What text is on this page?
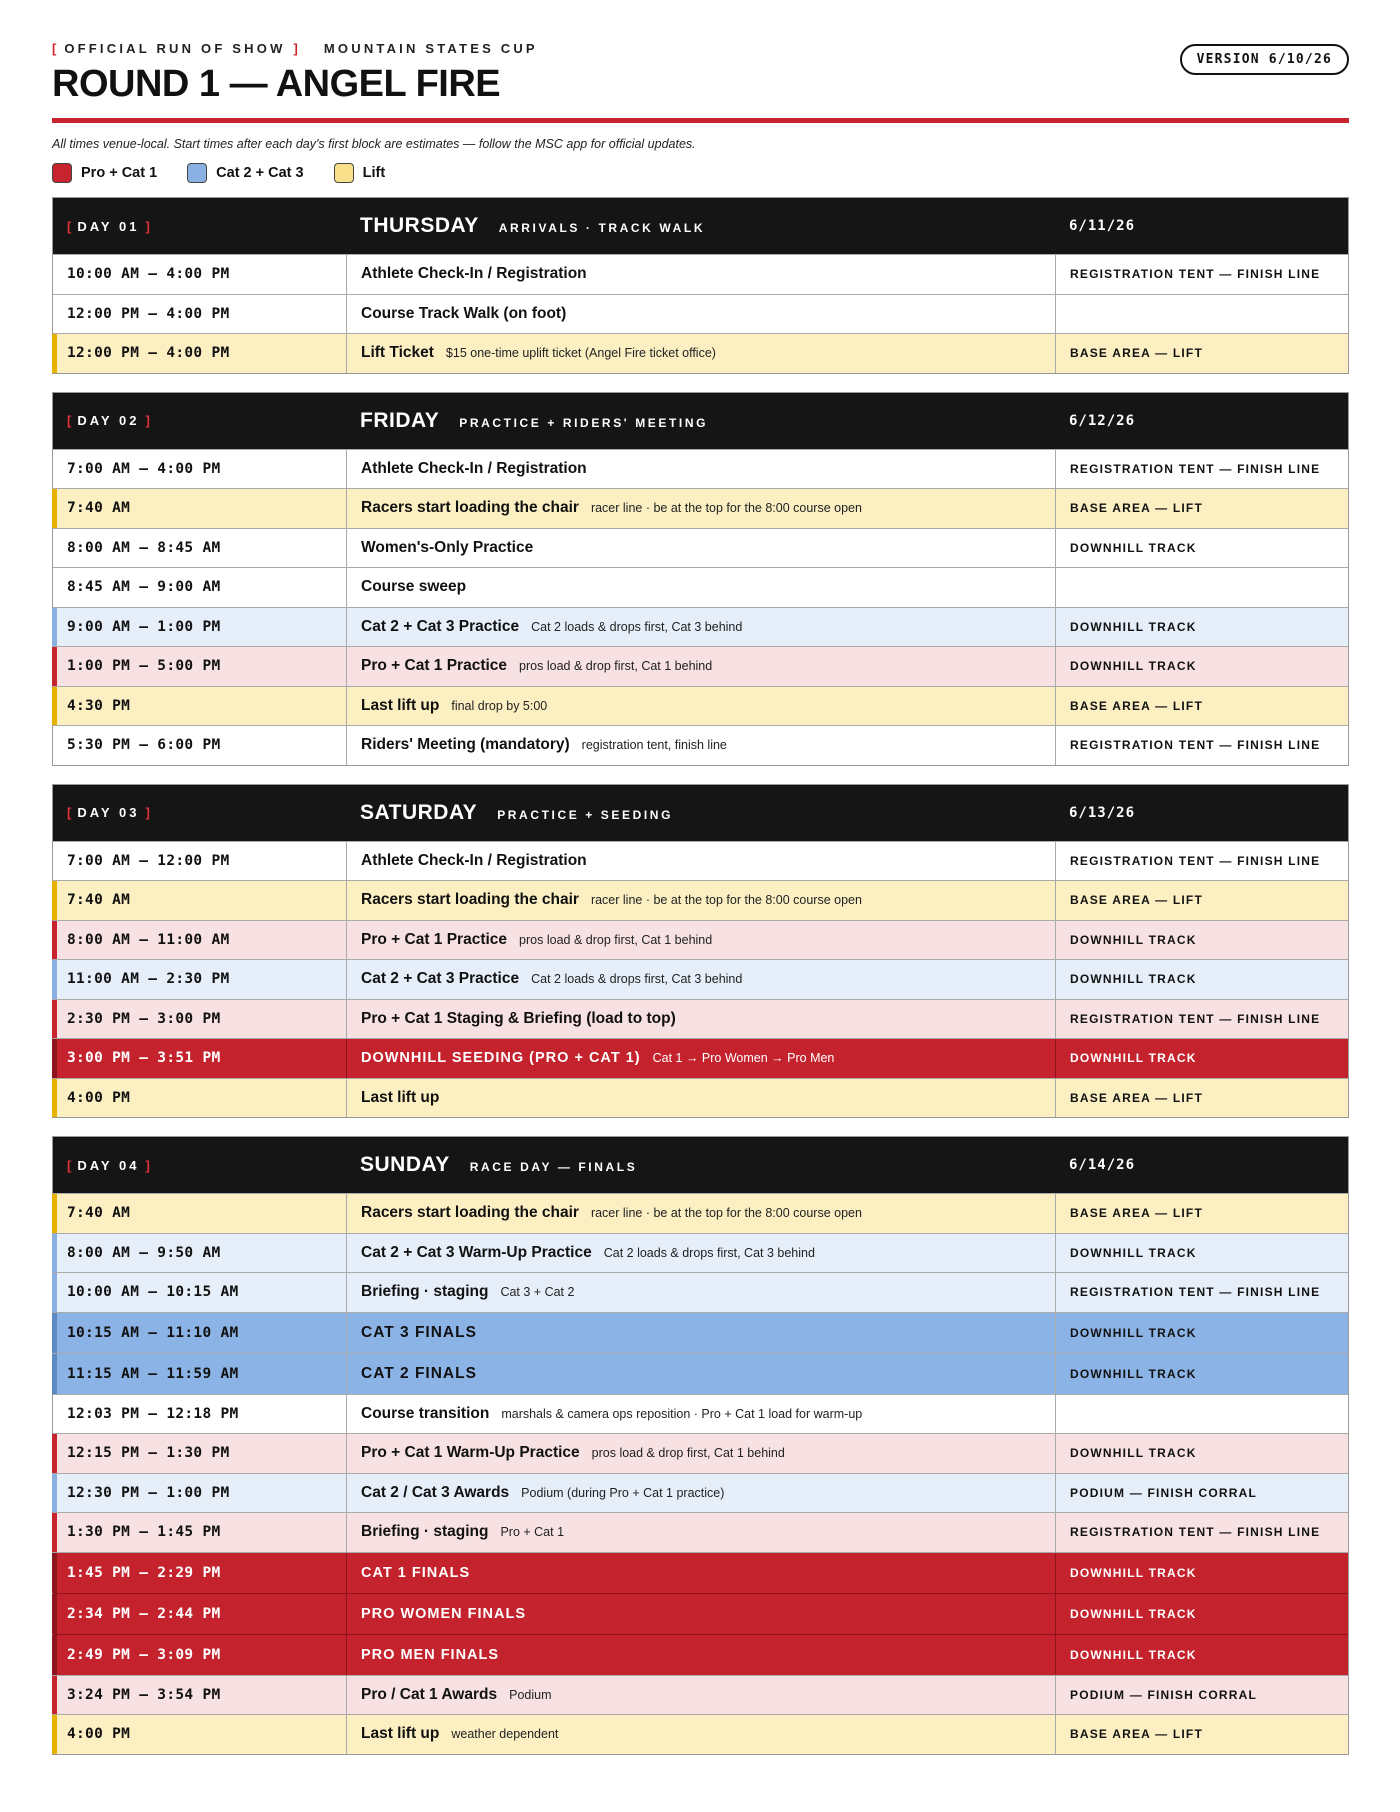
[ OFFICIAL RUN OF SHOW ] MOUNTAIN STATES CUP
ROUND 1 — ANGEL FIRE
VERSION 6/10/26
All times venue-local. Start times after each day's first block are estimates — follow the MSC app for official updates.
Pro + Cat 1	Cat 2 + Cat 3	Lift
[ DAY 01 ]	THURSDAY ARRIVALS · TRACK WALK	6/11/26
10:00 AM – 4:00 PM	Athlete Check-In / Registration	REGISTRATION TENT — FINISH LINE
12:00 PM – 4:00 PM	Course Track Walk (on foot)
12:00 PM – 4:00 PM	Lift Ticket $15 one-time uplift ticket (Angel Fire ticket office)	BASE AREA — LIFT
[ DAY 02 ]	FRIDAY PRACTICE + RIDERS' MEETING	6/12/26
7:00 AM – 4:00 PM	Athlete Check-In / Registration	REGISTRATION TENT — FINISH LINE
7:40 AM	Racers start loading the chair racer line · be at the top for the 8:00 course open	BASE AREA — LIFT
8:00 AM – 8:45 AM	Women's-Only Practice	DOWNHILL TRACK
8:45 AM – 9:00 AM	Course sweep
9:00 AM – 1:00 PM	Cat 2 + Cat 3 Practice Cat 2 loads & drops first, Cat 3 behind	DOWNHILL TRACK
1:00 PM – 5:00 PM	Pro + Cat 1 Practice pros load & drop first, Cat 1 behind	DOWNHILL TRACK
4:30 PM	Last lift up final drop by 5:00	BASE AREA — LIFT
5:30 PM – 6:00 PM	Riders' Meeting (mandatory) registration tent, finish line	REGISTRATION TENT — FINISH LINE
[ DAY 03 ]	SATURDAY PRACTICE + SEEDING	6/13/26
7:00 AM – 12:00 PM	Athlete Check-In / Registration	REGISTRATION TENT — FINISH LINE
7:40 AM	Racers start loading the chair racer line · be at the top for the 8:00 course open	BASE AREA — LIFT
8:00 AM – 11:00 AM	Pro + Cat 1 Practice pros load & drop first, Cat 1 behind	DOWNHILL TRACK
11:00 AM – 2:30 PM	Cat 2 + Cat 3 Practice Cat 2 loads & drops first, Cat 3 behind	DOWNHILL TRACK
2:30 PM – 3:00 PM	Pro + Cat 1 Staging & Briefing (load to top)	REGISTRATION TENT — FINISH LINE
3:00 PM – 3:51 PM	DOWNHILL SEEDING (PRO + CAT 1) Cat 1 → Pro Women → Pro Men	DOWNHILL TRACK
4:00 PM	Last lift up	BASE AREA — LIFT
[ DAY 04 ]	SUNDAY RACE DAY — FINALS	6/14/26
7:40 AM	Racers start loading the chair racer line · be at the top for the 8:00 course open	BASE AREA — LIFT
8:00 AM – 9:50 AM	Cat 2 + Cat 3 Warm-Up Practice Cat 2 loads & drops first, Cat 3 behind	DOWNHILL TRACK
10:00 AM – 10:15 AM	Briefing · staging Cat 3 + Cat 2	REGISTRATION TENT — FINISH LINE
10:15 AM – 11:10 AM	CAT 3 FINALS	DOWNHILL TRACK
11:15 AM – 11:59 AM	CAT 2 FINALS	DOWNHILL TRACK
12:03 PM – 12:18 PM	Course transition marshals & camera ops reposition · Pro + Cat 1 load for warm-up
12:15 PM – 1:30 PM	Pro + Cat 1 Warm-Up Practice pros load & drop first, Cat 1 behind	DOWNHILL TRACK
12:30 PM – 1:00 PM	Cat 2 / Cat 3 Awards Podium (during Pro + Cat 1 practice)	PODIUM — FINISH CORRAL
1:30 PM – 1:45 PM	Briefing · staging Pro + Cat 1	REGISTRATION TENT — FINISH LINE
1:45 PM – 2:29 PM	CAT 1 FINALS	DOWNHILL TRACK
2:34 PM – 2:44 PM	PRO WOMEN FINALS	DOWNHILL TRACK
2:49 PM – 3:09 PM	PRO MEN FINALS	DOWNHILL TRACK
3:24 PM – 3:54 PM	Pro / Cat 1 Awards Podium	PODIUM — FINISH CORRAL
4:00 PM	Last lift up weather dependent	BASE AREA — LIFT
